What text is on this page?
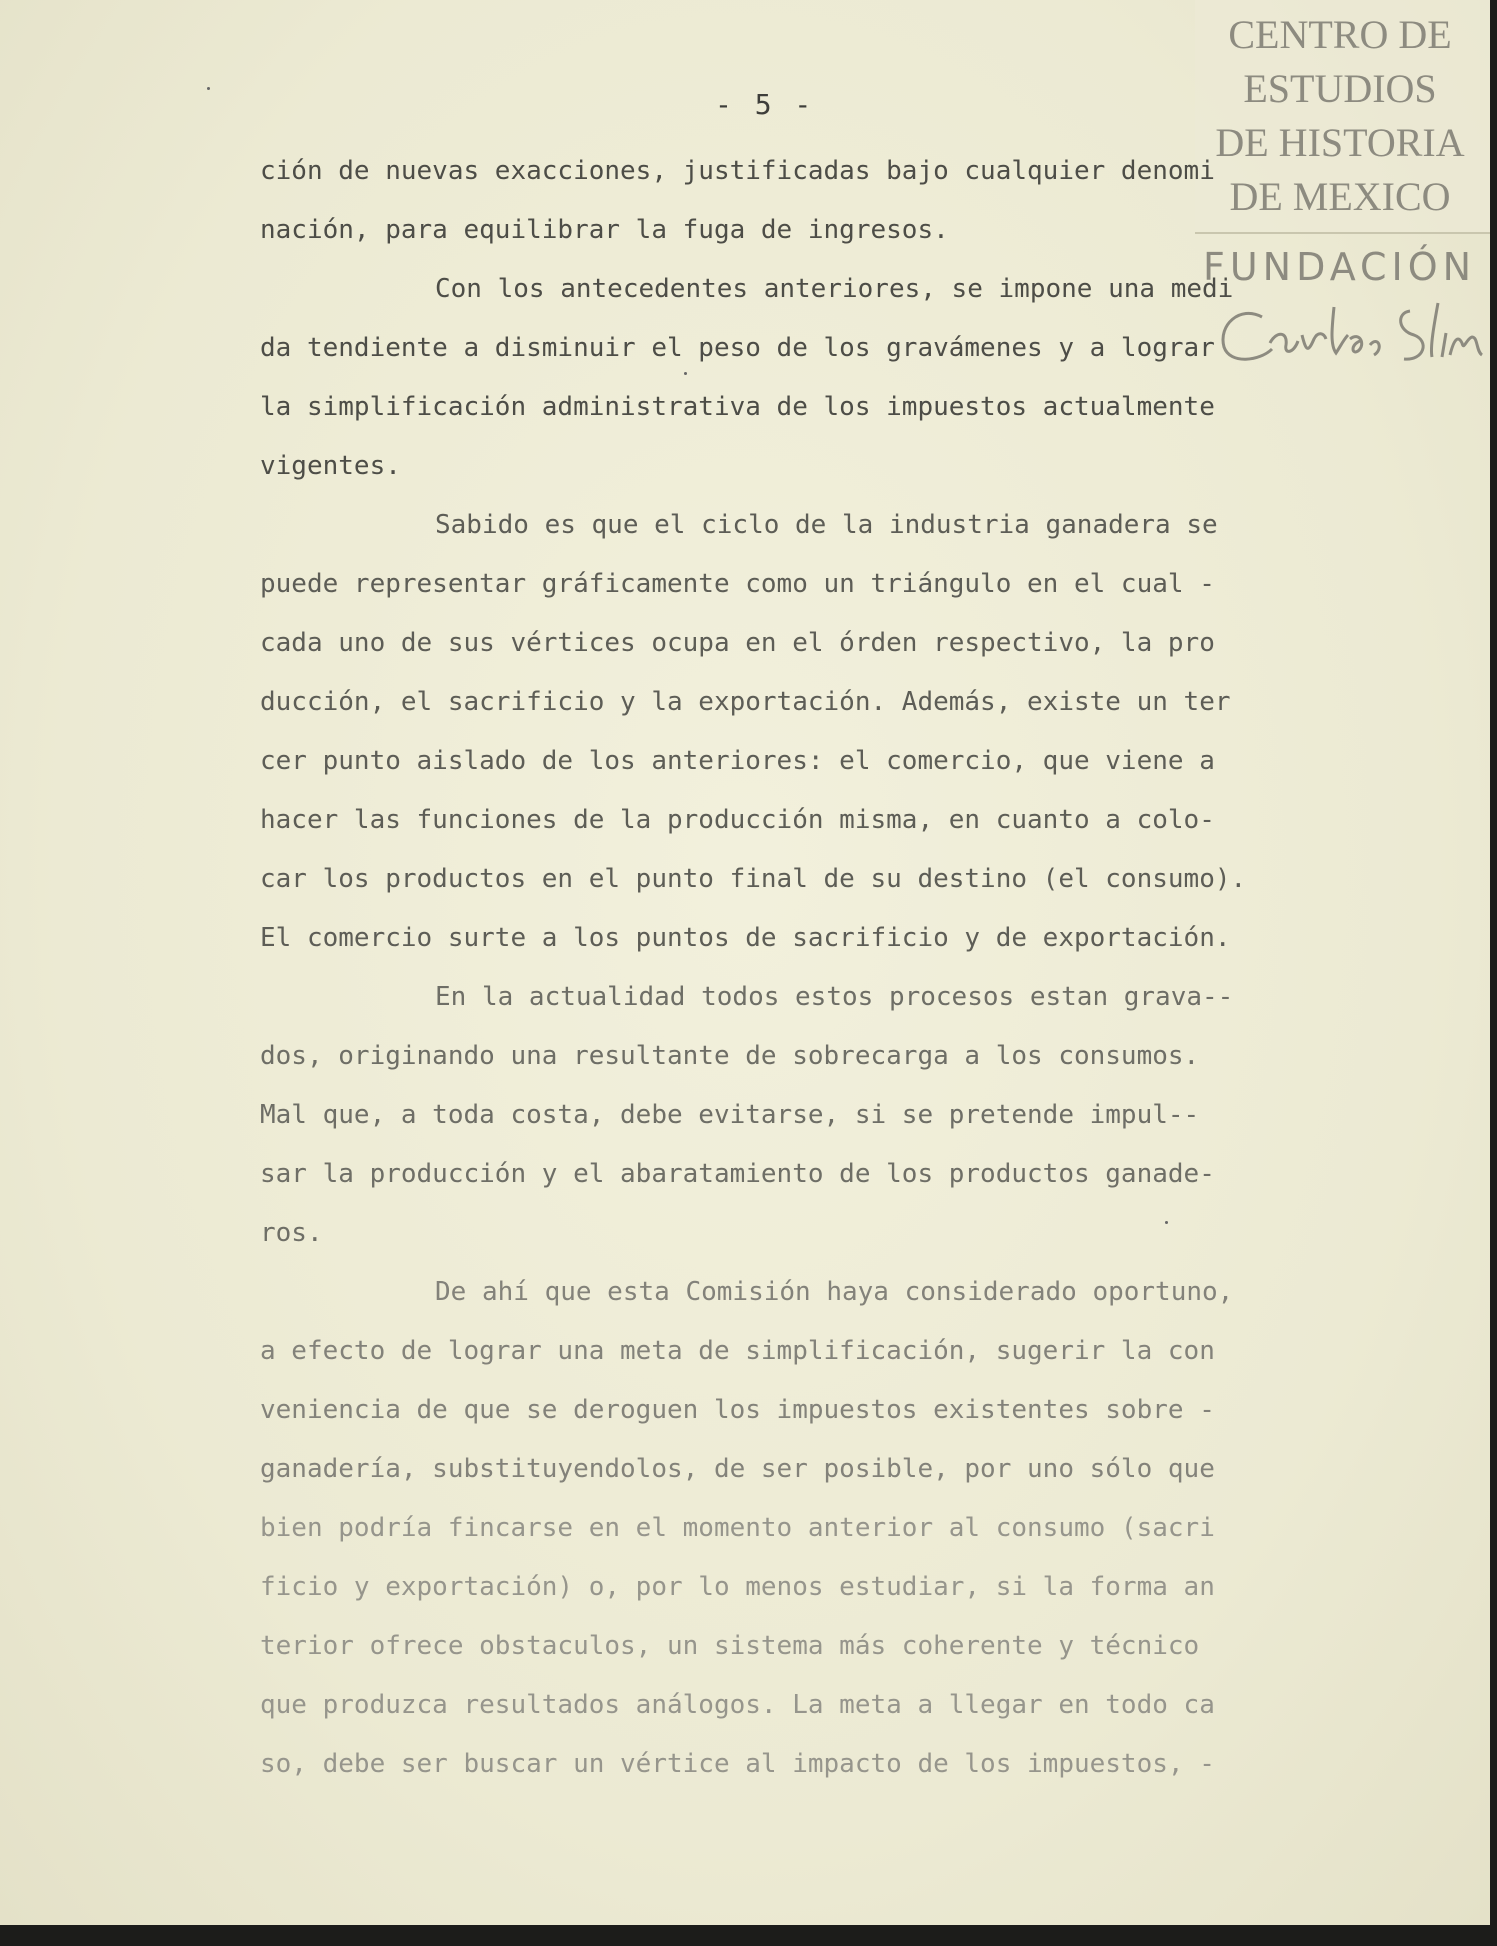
CENTRO DE
ESTUDIOS
DE HISTORIA
DE MEXICO
FUNDACIÓN
- 5 -
ción de nuevas exacciones, justificadas bajo cualquier denomi
nación, para equilibrar la fuga de ingresos.
Con los antecedentes anteriores, se impone una medi
da tendiente a disminuir el peso de los gravámenes y a lograr
la simplificación administrativa de los impuestos actualmente
vigentes.
Sabido es que el ciclo de la industria ganadera se
puede representar gráficamente como un triángulo en el cual -
cada uno de sus vértices ocupa en el órden respectivo, la pro
ducción, el sacrificio y la exportación. Además, existe un ter
cer punto aislado de los anteriores: el comercio, que viene a
hacer las funciones de la producción misma, en cuanto a colo-
car los productos en el punto final de su destino (el consumo).
El comercio surte a los puntos de sacrificio y de exportación.
En la actualidad todos estos procesos estan grava--
dos, originando una resultante de sobrecarga a los consumos.
Mal que, a toda costa, debe evitarse, si se pretende impul--
sar la producción y el abaratamiento de los productos ganade-
ros.
De ahí que esta Comisión haya considerado oportuno,
a efecto de lograr una meta de simplificación, sugerir la con
veniencia de que se deroguen los impuestos existentes sobre -
ganadería, substituyendolos, de ser posible, por uno sólo que
bien podría fincarse en el momento anterior al consumo (sacri
ficio y exportación) o, por lo menos estudiar, si la forma an
terior ofrece obstaculos, un sistema más coherente y técnico
que produzca resultados análogos. La meta a llegar en todo ca
so, debe ser buscar un vértice al impacto de los impuestos, -
